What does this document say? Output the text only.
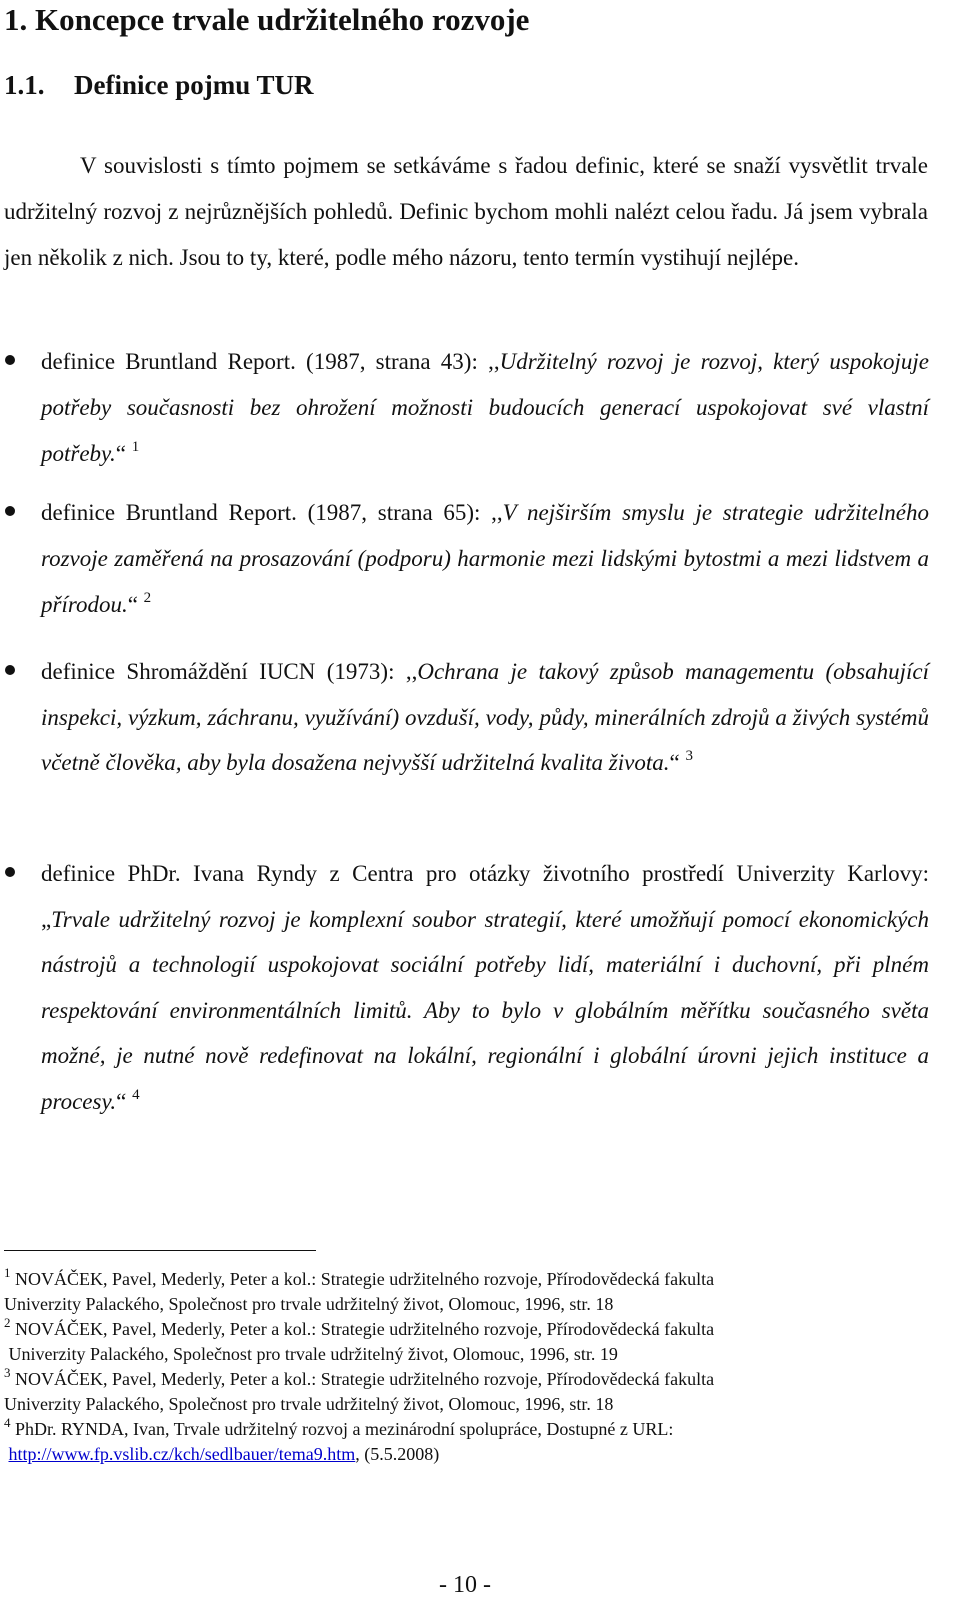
1. Koncepce trvale udržitelného rozvoje
1.1. Definice pojmu TUR
V souvislosti s tímto pojmem se setkáváme s řadou definic, které se snaží vysvětlit trvale udržitelný rozvoj z nejrůznějších pohledů. Definic bychom mohli nalézt celou řadu. Já jsem vybrala jen několik z nich. Jsou to ty, které, podle mého názoru, tento termín vystihují nejlépe.
definice Bruntland Report. (1987, strana 43): ,,Udržitelný rozvoj je rozvoj, který uspokojuje potřeby současnosti bez ohrožení možnosti budoucích generací uspokojovat své vlastní potřeby.“ $^1$
definice Bruntland Report. (1987, strana 65): ,,V nejširším smyslu je strategie udržitelného rozvoje zaměřená na prosazování (podporu) harmonie mezi lidskými bytostmi a mezi lidstvem a přírodou.“ $^2$
definice Shromáždění IUCN (1973): ,,Ochrana je takový způsob managementu (obsahující inspekci, výzkum, záchranu, využívání) ovzduší, vody, půdy, minerálních zdrojů a živých systémů včetně člověka, aby byla dosažena nejvyšší udržitelná kvalita života.“ $^3$
definice PhDr. Ivana Ryndy z Centra pro otázky životního prostředí Univerzity Karlovy: „Trvale udržitelný rozvoj je komplexní soubor strategií, které umožňují pomocí ekonomických nástrojů a technologií uspokojovat sociální potřeby lidí, materiální i duchovní, při plném respektování environmentálních limitů. Aby to bylo v globálním měřítku současného světa možné, je nutné nově redefinovat na lokální, regionální i globální úrovni jejich instituce a procesy.“ $^4$
$^1$ NOVÁČEK, Pavel, Mederly, Peter a kol.: Strategie udržitelného rozvoje, Přírodovědecká fakulta
Univerzity Palackého, Společnost pro trvale udržitelný život, Olomouc, 1996, str. 18
$^2$ NOVÁČEK, Pavel, Mederly, Peter a kol.: Strategie udržitelného rozvoje, Přírodovědecká fakulta
Univerzity Palackého, Společnost pro trvale udržitelný život, Olomouc, 1996, str. 19
$^3$ NOVÁČEK, Pavel, Mederly, Peter a kol.: Strategie udržitelného rozvoje, Přírodovědecká fakulta
Univerzity Palackého, Společnost pro trvale udržitelný život, Olomouc, 1996, str. 18
$^4$ PhDr. RYNDA, Ivan, Trvale udržitelný rozvoj a mezinárodní spolupráce, Dostupné z URL:
http://www.fp.vslib.cz/kch/sedlbauer/tema9.htm, (5.5.2008)
- 10 -
